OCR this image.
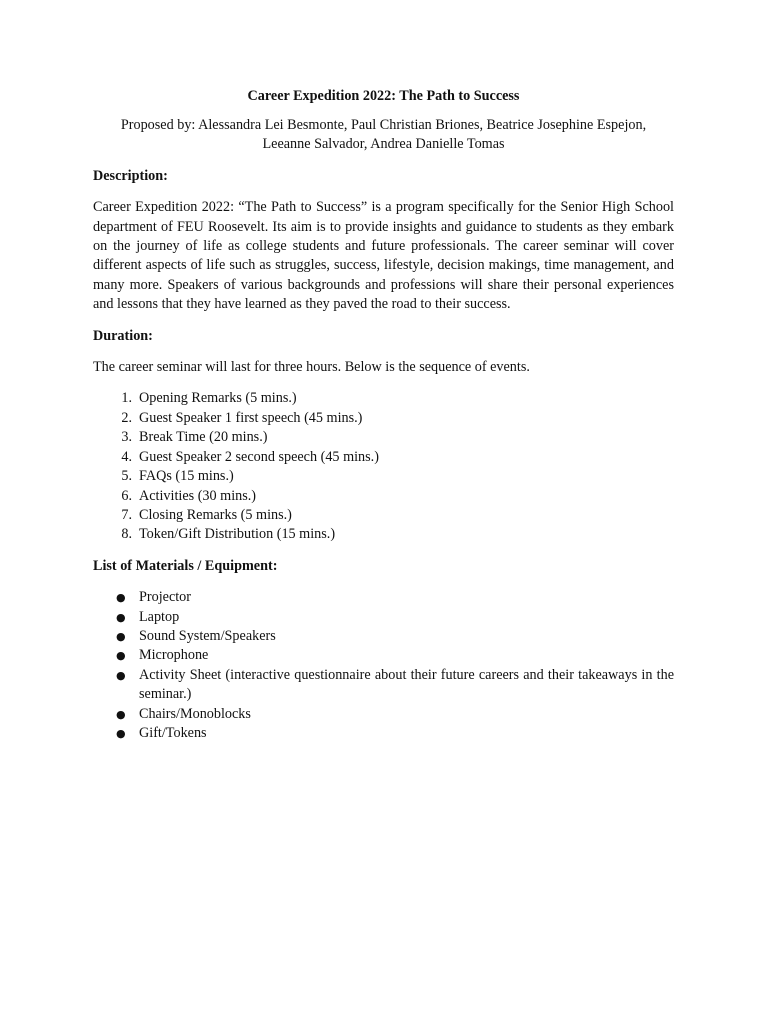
Career Expedition 2022: The Path to Success

Proposed by: Alessandra Lei Besmonte, Paul Christian Briones, Beatrice Josephine Espejon, Leeanne Salvador, Andrea Danielle Tomas

Description:

Career Expedition 2022: “The Path to Success” is a program specifically for the Senior High School department of FEU Roosevelt. Its aim is to provide insights and guidance to students as they embark on the journey of life as college students and future professionals. The career seminar will cover different aspects of life such as struggles, success, lifestyle, decision makings, time management, and many more. Speakers of various backgrounds and professions will share their personal experiences and lessons that they have learned as they paved the road to their success.

Duration:

The career seminar will last for three hours. Below is the sequence of events.

1. Opening Remarks (5 mins.)
2. Guest Speaker 1 first speech (45 mins.)
3. Break Time (20 mins.)
4. Guest Speaker 2 second speech (45 mins.)
5. FAQs (15 mins.)
6. Activities (30 mins.)
7. Closing Remarks (5 mins.)
8. Token/Gift Distribution (15 mins.)

List of Materials / Equipment:

● Projector
● Laptop
● Sound System/Speakers
● Microphone
● Activity Sheet (interactive questionnaire about their future careers and their takeaways in the seminar.)
● Chairs/Monoblocks
● Gift/Tokens
